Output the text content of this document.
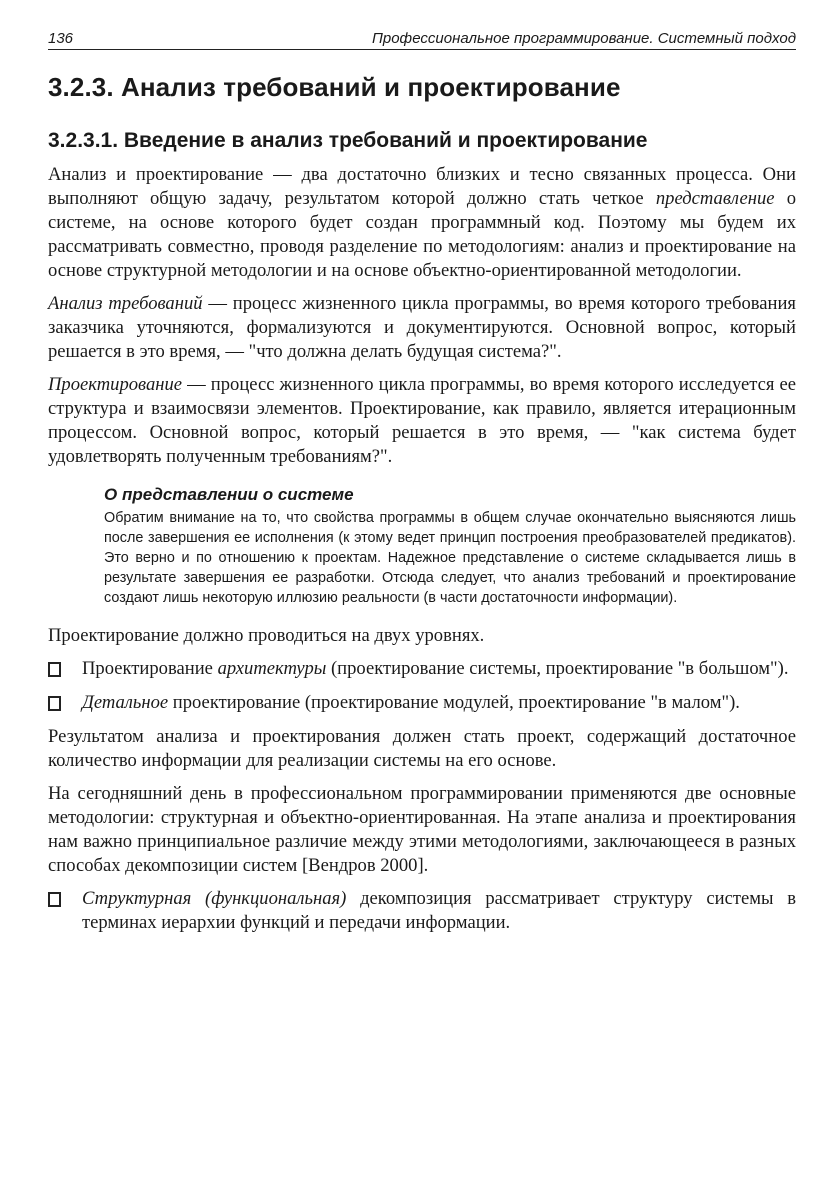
136	Профессиональное программирование. Системный подход
3.2.3. Анализ требований и проектирование
3.2.3.1. Введение в анализ требований и проектирование

Анализ и проектирование — два достаточно близких и тесно связанных процесса. Они выполняют общую задачу, результатом которой должно стать четкое представление о системе, на основе которого будет создан программный код. Поэтому мы будем их рассматривать совместно, проводя разделение по методологиям: анализ и проектирование на основе структурной методологии и на основе объектно-ориентированной методологии.

Анализ требований — процесс жизненного цикла программы, во время которого требования заказчика уточняются, формализуются и документируются. Основной вопрос, который решается в это время, — "что должна делать будущая система?".

Проектирование — процесс жизненного цикла программы, во время которого исследуется ее структура и взаимосвязи элементов. Проектирование, как правило, является итерационным процессом. Основной вопрос, который решается в это время, — "как система будет удовлетворять полученным требованиям?".

О представлении о системе

Обратим внимание на то, что свойства программы в общем случае окончательно выясняются лишь после завершения ее исполнения (к этому ведет принцип построения преобразователей предикатов). Это верно и по отношению к проектам. Надежное представление о системе складывается лишь в результате завершения ее разработки. Отсюда следует, что анализ требований и проектирование создают лишь некоторую иллюзию реальности (в части достаточности информации).

Проектирование должно проводиться на двух уровнях.

Проектирование архитектуры (проектирование системы, проектирование "в большом").

Детальное проектирование (проектирование модулей, проектирование "в малом").

Результатом анализа и проектирования должен стать проект, содержащий достаточное количество информации для реализации системы на его основе.

На сегодняшний день в профессиональном программировании применяются две основные методологии: структурная и объектно-ориентированная. На этапе анализа и проектирования нам важно принципиальное различие между этими методологиями, заключающееся в разных способах декомпозиции систем [Вендров 2000].

Структурная (функциональная) декомпозиция рассматривает структуру системы в терминах иерархии функций и передачи информации.
